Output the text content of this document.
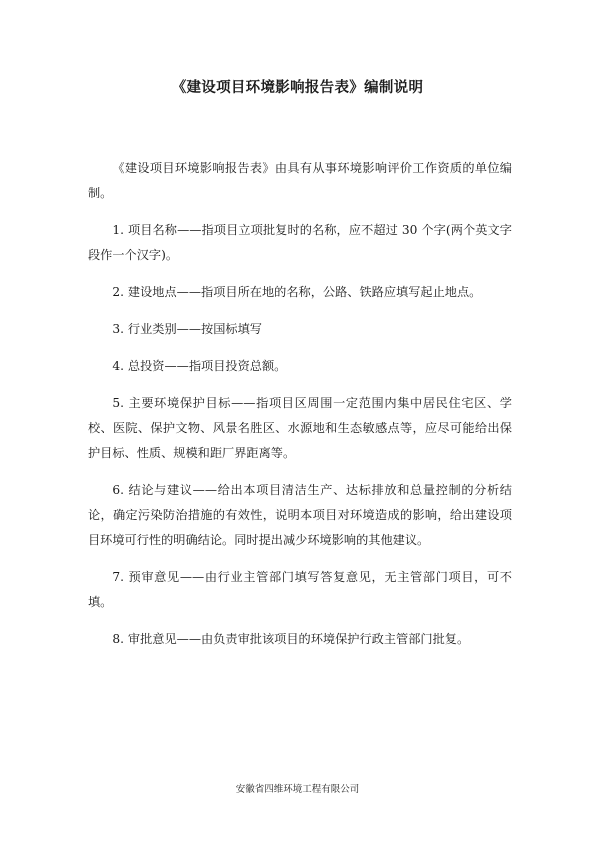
《建设项目环境影响报告表》编制说明

《建设项目环境影响报告表》由具有从事环境影响评价工作资质的单位编制。

1. 项目名称——指项目立项批复时的名称，应不超过 30 个字(两个英文字段作一个汉字)。

2. 建设地点——指项目所在地的名称，公路、铁路应填写起止地点。

3. 行业类别——按国标填写

4. 总投资——指项目投资总额。

5. 主要环境保护目标——指项目区周围一定范围内集中居民住宅区、学校、医院、保护文物、风景名胜区、水源地和生态敏感点等，应尽可能给出保护目标、性质、规模和距厂界距离等。

6. 结论与建议——给出本项目清洁生产、达标排放和总量控制的分析结论，确定污染防治措施的有效性，说明本项目对环境造成的影响，给出建设项目环境可行性的明确结论。同时提出减少环境影响的其他建议。

7. 预审意见——由行业主管部门填写答复意见，无主管部门项目，可不填。

8. 审批意见——由负责审批该项目的环境保护行政主管部门批复。

安徽省四维环境工程有限公司
